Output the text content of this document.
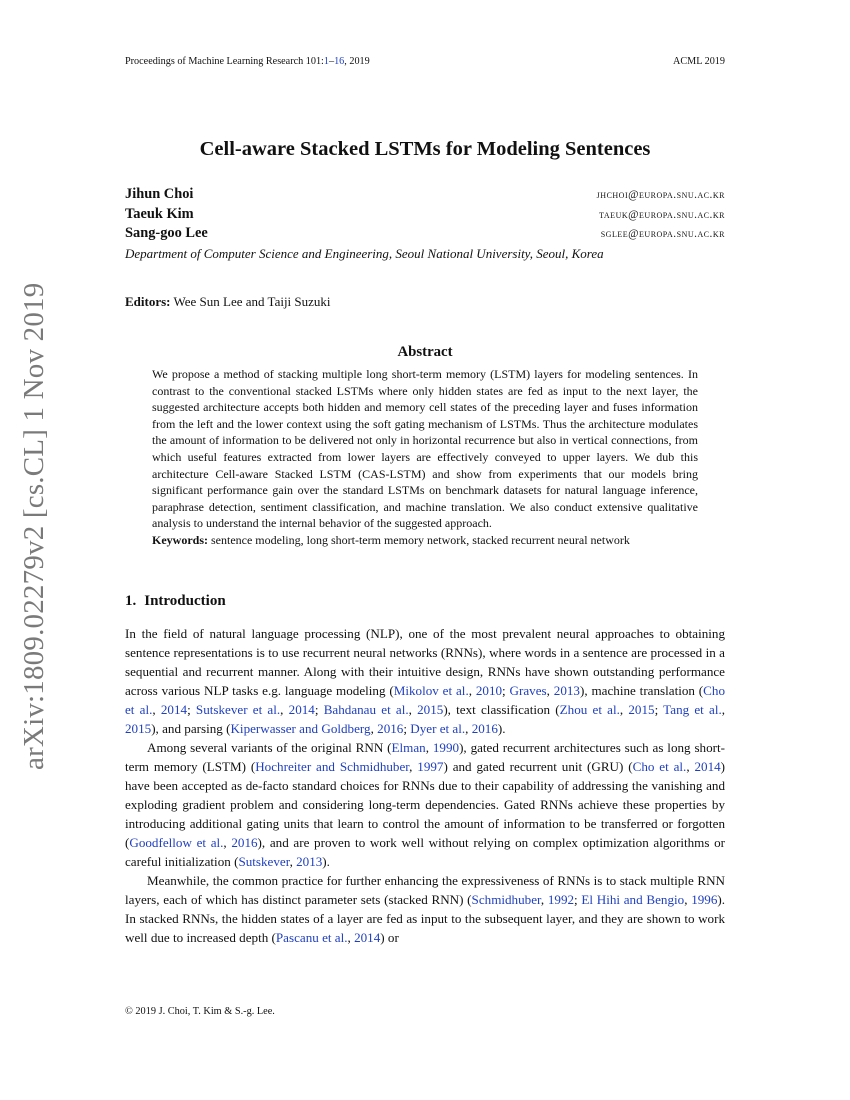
Proceedings of Machine Learning Research 101:1–16, 2019	ACML 2019
arXiv:1809.02279v2 [cs.CL] 1 Nov 2019
Cell-aware Stacked LSTMs for Modeling Sentences
Jihun Choi	jhchoi@europa.snu.ac.kr
Taeuk Kim	taeuk@europa.snu.ac.kr
Sang-goo Lee	sglee@europa.snu.ac.kr
Department of Computer Science and Engineering, Seoul National University, Seoul, Korea
Editors: Wee Sun Lee and Taiji Suzuki
Abstract

We propose a method of stacking multiple long short-term memory (LSTM) layers for modeling sentences. In contrast to the conventional stacked LSTMs where only hidden states are fed as input to the next layer, the suggested architecture accepts both hidden and memory cell states of the preceding layer and fuses information from the left and the lower context using the soft gating mechanism of LSTMs. Thus the architecture modulates the amount of information to be delivered not only in horizontal recurrence but also in vertical connections, from which useful features extracted from lower layers are effectively conveyed to upper layers. We dub this architecture Cell-aware Stacked LSTM (CAS-LSTM) and show from experiments that our models bring significant performance gain over the standard LSTMs on benchmark datasets for natural language inference, paraphrase detection, sentiment classification, and machine translation. We also conduct extensive qualitative analysis to understand the internal behavior of the suggested approach.

Keywords: sentence modeling, long short-term memory network, stacked recurrent neural network

1. Introduction

In the field of natural language processing (NLP), one of the most prevalent neural approaches to obtaining sentence representations is to use recurrent neural networks (RNNs), where words in a sentence are processed in a sequential and recurrent manner. Along with their intuitive design, RNNs have shown outstanding performance across various NLP tasks e.g. language modeling (Mikolov et al., 2010; Graves, 2013), machine translation (Cho et al., 2014; Sutskever et al., 2014; Bahdanau et al., 2015), text classification (Zhou et al., 2015; Tang et al., 2015), and parsing (Kiperwasser and Goldberg, 2016; Dyer et al., 2016).

Among several variants of the original RNN (Elman, 1990), gated recurrent architectures such as long short-term memory (LSTM) (Hochreiter and Schmidhuber, 1997) and gated recurrent unit (GRU) (Cho et al., 2014) have been accepted as de-facto standard choices for RNNs due to their capability of addressing the vanishing and exploding gradient problem and considering long-term dependencies. Gated RNNs achieve these properties by introducing additional gating units that learn to control the amount of information to be transferred or forgotten (Goodfellow et al., 2016), and are proven to work well without relying on complex optimization algorithms or careful initialization (Sutskever, 2013).

Meanwhile, the common practice for further enhancing the expressiveness of RNNs is to stack multiple RNN layers, each of which has distinct parameter sets (stacked RNN) (Schmidhuber, 1992; El Hihi and Bengio, 1996). In stacked RNNs, the hidden states of a layer are fed as input to the subsequent layer, and they are shown to work well due to increased depth (Pascanu et al., 2014) or

© 2019 J. Choi, T. Kim & S.-g. Lee.
